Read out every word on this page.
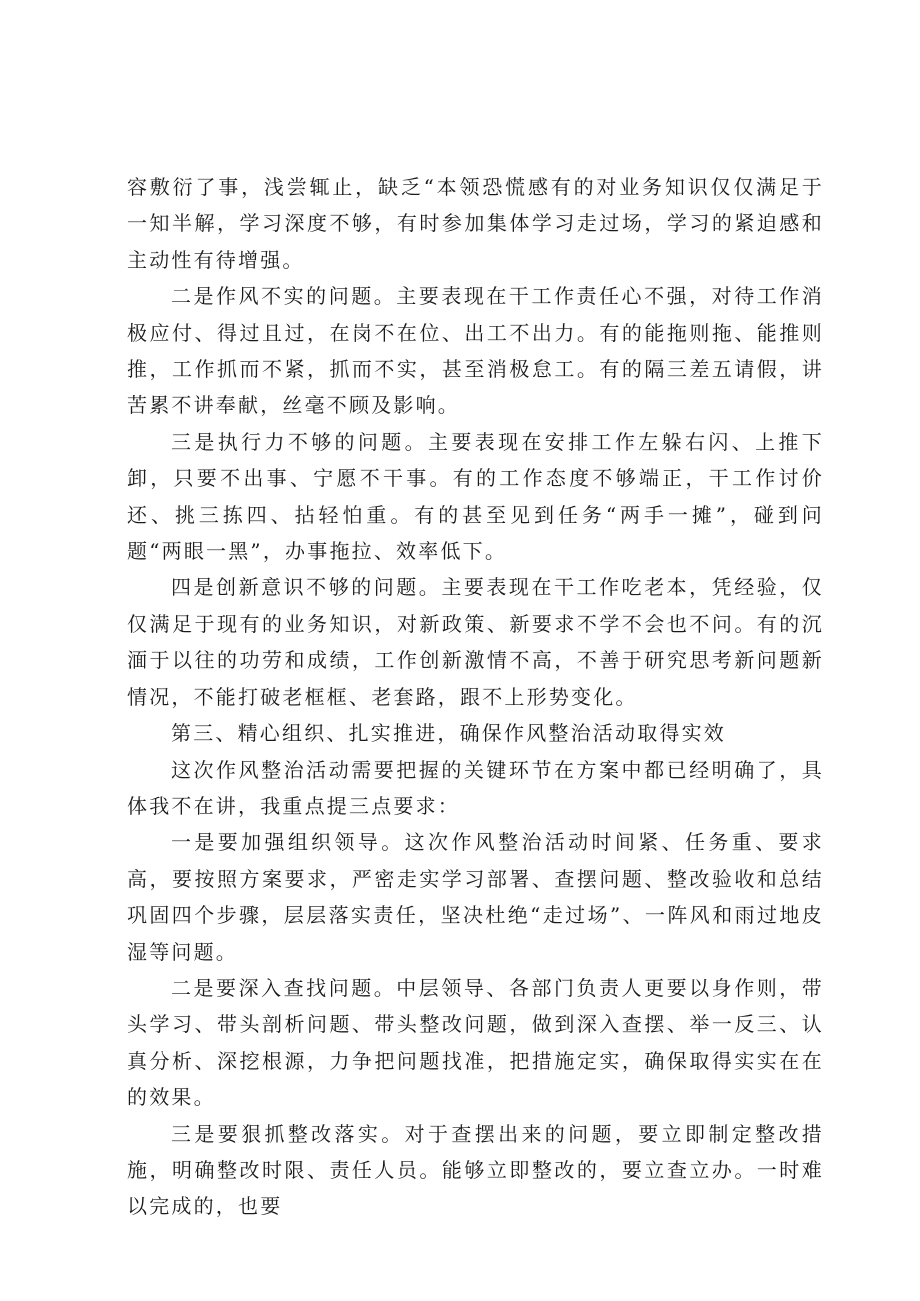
容敷衍了事，浅尝辄止，缺乏“本领恐慌感有的对业务知识仅仅满足于一知半解，学习深度不够，有时参加集体学习走过场，学习的紧迫感和主动性有待增强。

二是作风不实的问题。主要表现在干工作责任心不强，对待工作消极应付、得过且过，在岗不在位、出工不出力。有的能拖则拖、能推则推，工作抓而不紧，抓而不实，甚至消极怠工。有的隔三差五请假，讲苦累不讲奉献，丝毫不顾及影响。

三是执行力不够的问题。主要表现在安排工作左躲右闪、上推下卸，只要不出事、宁愿不干事。有的工作态度不够端正，干工作讨价还、挑三拣四、拈轻怕重。有的甚至见到任务“两手一摊”，碰到问题“两眼一黑”，办事拖拉、效率低下。

四是创新意识不够的问题。主要表现在干工作吃老本，凭经验，仅仅满足于现有的业务知识，对新政策、新要求不学不会也不问。有的沉湎于以往的功劳和成绩，工作创新激情不高，不善于研究思考新问题新情况，不能打破老框框、老套路，跟不上形势变化。

第三、精心组织、扎实推进，确保作风整治活动取得实效

这次作风整治活动需要把握的关键环节在方案中都已经明确了，具体我不在讲，我重点提三点要求：

一是要加强组织领导。这次作风整治活动时间紧、任务重、要求高，要按照方案要求，严密走实学习部署、查摆问题、整改验收和总结巩固四个步骤，层层落实责任，坚决杜绝“走过场”、一阵风和雨过地皮湿等问题。

二是要深入查找问题。中层领导、各部门负责人更要以身作则，带头学习、带头剖析问题、带头整改问题，做到深入查摆、举一反三、认真分析、深挖根源，力争把问题找准，把措施定实，确保取得实实在在的效果。

三是要狠抓整改落实。对于查摆出来的问题，要立即制定整改措施，明确整改时限、责任人员。能够立即整改的，要立查立办。一时难以完成的，也要
